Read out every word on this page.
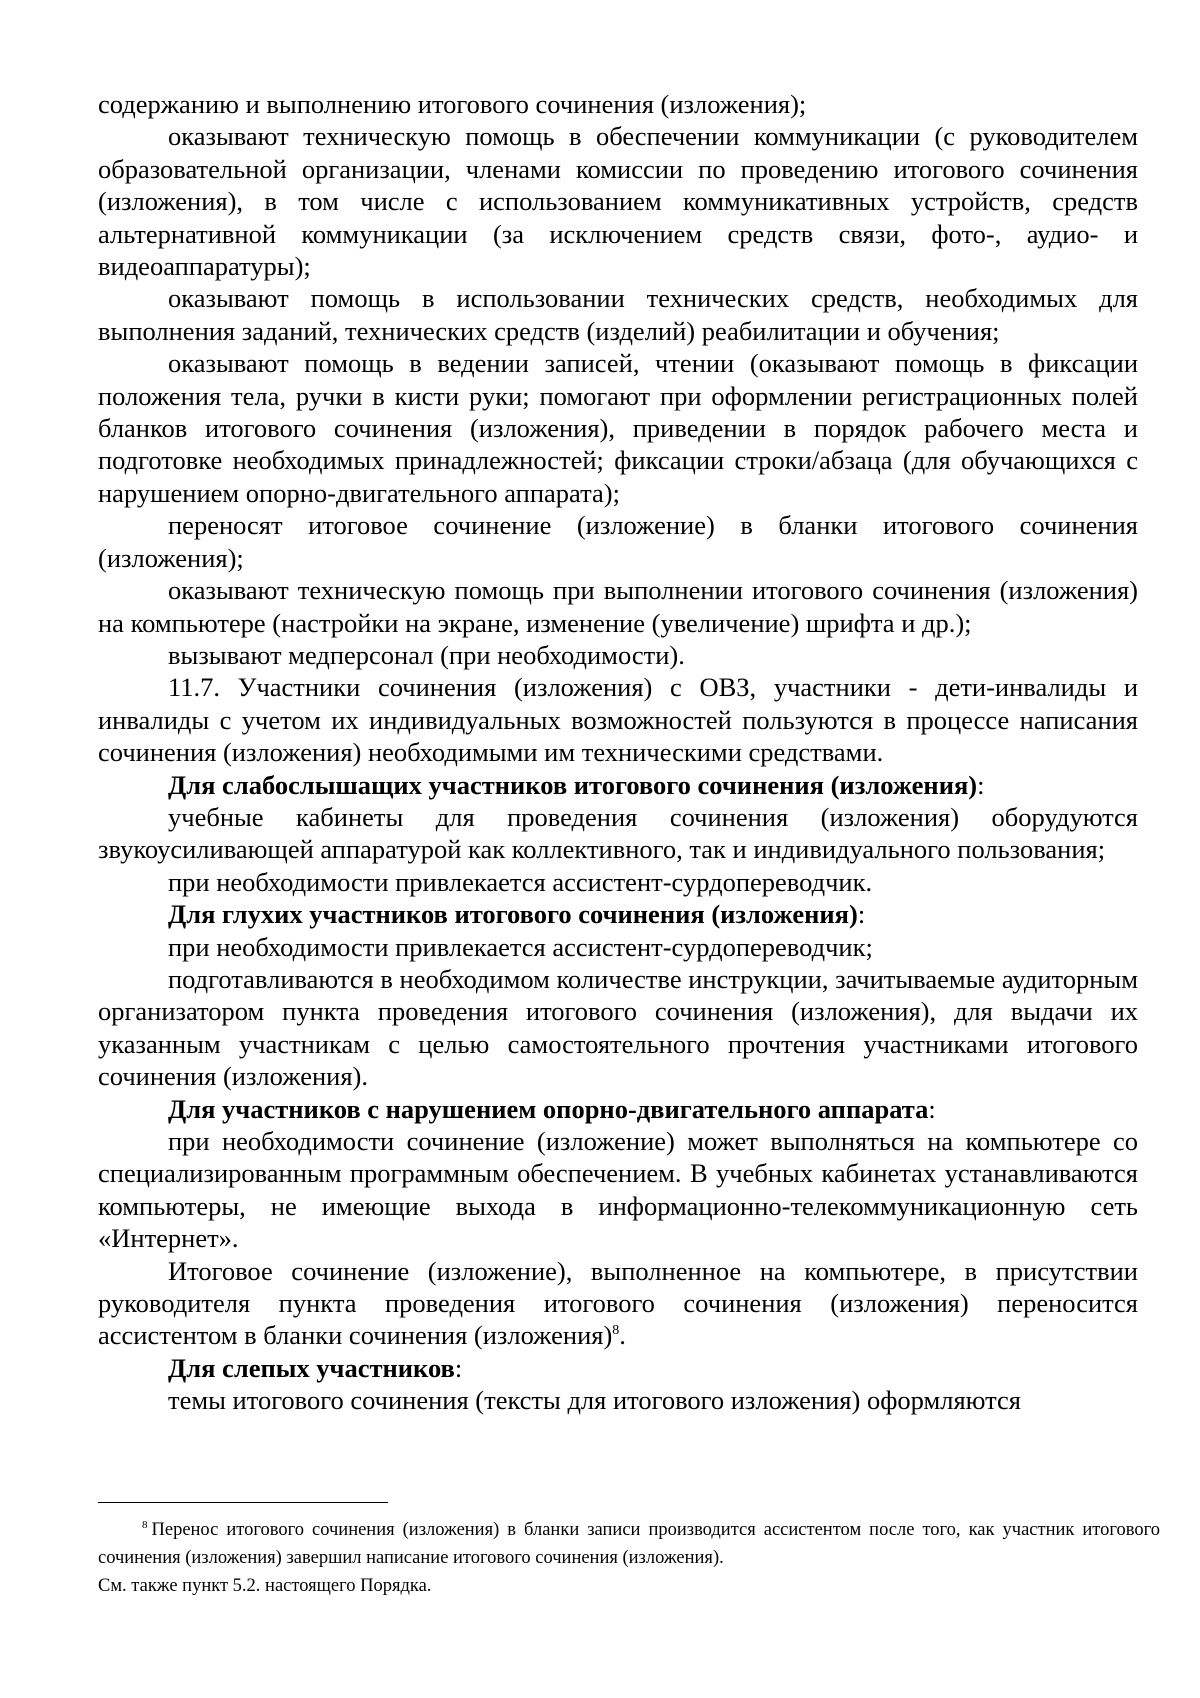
содержанию и выполнению итогового сочинения (изложения);

оказывают техническую помощь в обеспечении коммуникации (с руководителем образовательной организации, членами комиссии по проведению итогового сочинения (изложения), в том числе с использованием коммуникативных устройств, средств альтернативной коммуникации (за исключением средств связи, фото-, аудио- и видеоаппаратуры);

оказывают помощь в использовании технических средств, необходимых для выполнения заданий, технических средств (изделий) реабилитации и обучения;

оказывают помощь в ведении записей, чтении (оказывают помощь в фиксации положения тела, ручки в кисти руки; помогают при оформлении регистрационных полей бланков итогового сочинения (изложения), приведении в порядок рабочего места и подготовке необходимых принадлежностей; фиксации строки/абзаца (для обучающихся с нарушением опорно-двигательного аппарата);

переносят итоговое сочинение (изложение) в бланки итогового сочинения (изложения);

оказывают техническую помощь при выполнении итогового сочинения (изложения) на компьютере (настройки на экране, изменение (увеличение) шрифта и др.);

вызывают медперсонал (при необходимости).

11.7. Участники сочинения (изложения) с ОВЗ, участники - дети-инвалиды и инвалиды с учетом их индивидуальных возможностей пользуются в процессе написания сочинения (изложения) необходимыми им техническими средствами.

Для слабослышащих участников итогового сочинения (изложения):

учебные кабинеты для проведения сочинения (изложения) оборудуются звукоусиливающей аппаратурой как коллективного, так и индивидуального пользования;

при необходимости привлекается ассистент-сурдопереводчик.

Для глухих участников итогового сочинения (изложения):

при необходимости привлекается ассистент-сурдопереводчик;

подготавливаются в необходимом количестве инструкции, зачитываемые аудиторным организатором пункта проведения итогового сочинения (изложения), для выдачи их указанным участникам с целью самостоятельного прочтения участниками итогового сочинения (изложения).

Для участников с нарушением опорно-двигательного аппарата:

при необходимости сочинение (изложение) может выполняться на компьютере со специализированным программным обеспечением. В учебных кабинетах устанавливаются компьютеры, не имеющие выхода в информационно-телекоммуникационную сеть «Интернет».

Итоговое сочинение (изложение), выполненное на компьютере, в присутствии руководителя пункта проведения итогового сочинения (изложения) переносится ассистентом в бланки сочинения (изложения)$^8$.

Для слепых участников:

темы итогового сочинения (тексты для итогового изложения) оформляются

$^8$ Перенос итогового сочинения (изложения) в бланки записи производится ассистентом после того, как участник итогового сочинения (изложения) завершил написание итогового сочинения (изложения).

См. также пункт 5.2. настоящего Порядка.
